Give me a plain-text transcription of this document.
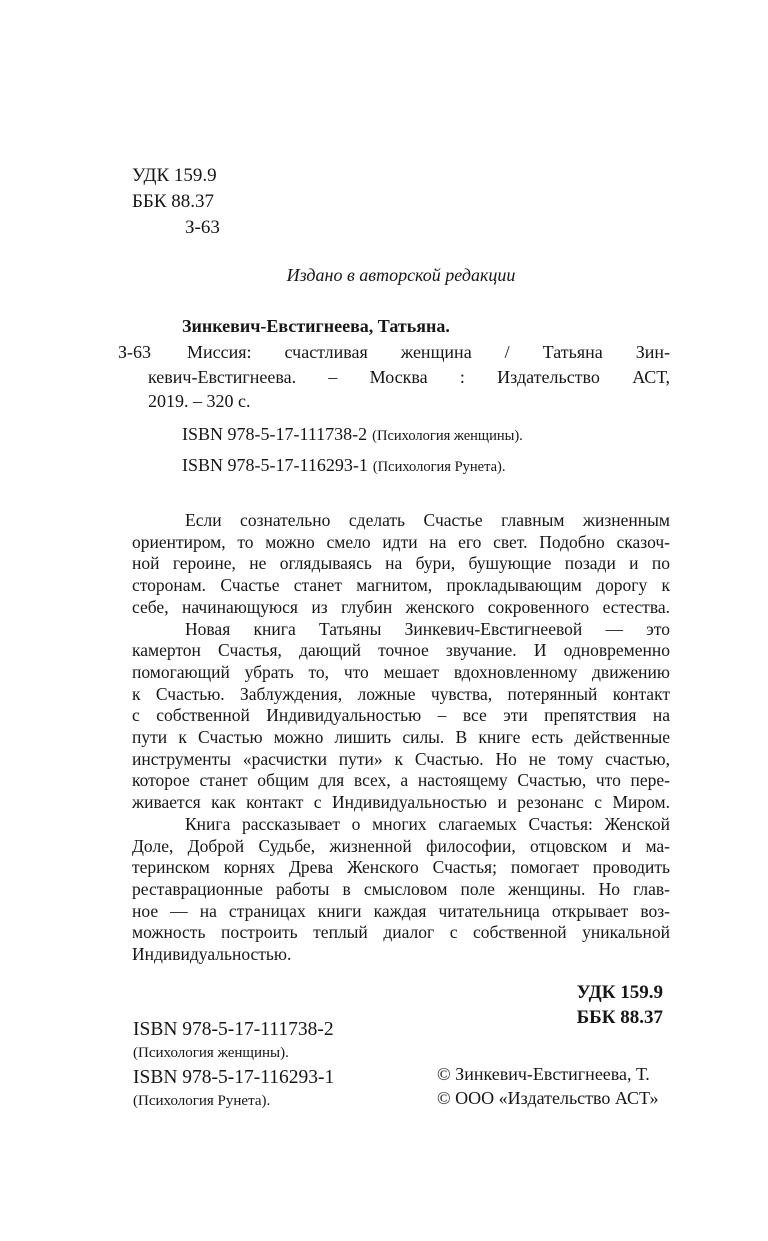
УДК 159.9
ББК 88.37
З-63
Издано в авторской редакции
Зинкевич-Евстигнеева, Татьяна.
З-63	Миссия: счастливая женщина / Татьяна Зин-
кевич-Евстигнеева. – Москва : Издательство АСТ,
2019. – 320 с.
ISBN 978-5-17-111738-2 (Психология женщины).
ISBN 978-5-17-116293-1 (Психология Рунета).
Если сознательно сделать Счастье главным жизненным
ориентиром, то можно смело идти на его свет. Подобно сказоч-
ной героине, не оглядываясь на бури, бушующие позади и по
сторонам. Счастье станет магнитом, прокладывающим дорогу к
себе, начинающуюся из глубин женского сокровенного естества.
Новая книга Татьяны Зинкевич-Евстигнеевой — это
камертон Счастья, дающий точное звучание. И одновременно
помогающий убрать то, что мешает вдохновленному движению
к Счастью. Заблуждения, ложные чувства, потерянный контакт
с собственной Индивидуальностью – все эти препятствия на
пути к Счастью можно лишить силы. В книге есть действенные
инструменты «расчистки пути» к Счастью. Но не тому счастью,
которое станет общим для всех, а настоящему Счастью, что пере-
живается как контакт с Индивидуальностью и резонанс с Миром.
Книга рассказывает о многих слагаемых Счастья: Женской
Доле, Доброй Судьбе, жизненной философии, отцовском и ма-
теринском корнях Древа Женского Счастья; помогает проводить
реставрационные работы в смысловом поле женщины. Но глав-
ное — на страницах книги каждая читательница открывает воз-
можность построить теплый диалог с собственной уникальной
Индивидуальностью.
УДК 159.9
ББК 88.37
ISBN 978-5-17-111738-2
(Психология женщины).
ISBN 978-5-17-116293-1
(Психология Рунета).
© Зинкевич-Евстигнеева, Т.
© ООО «Издательство АСТ»
